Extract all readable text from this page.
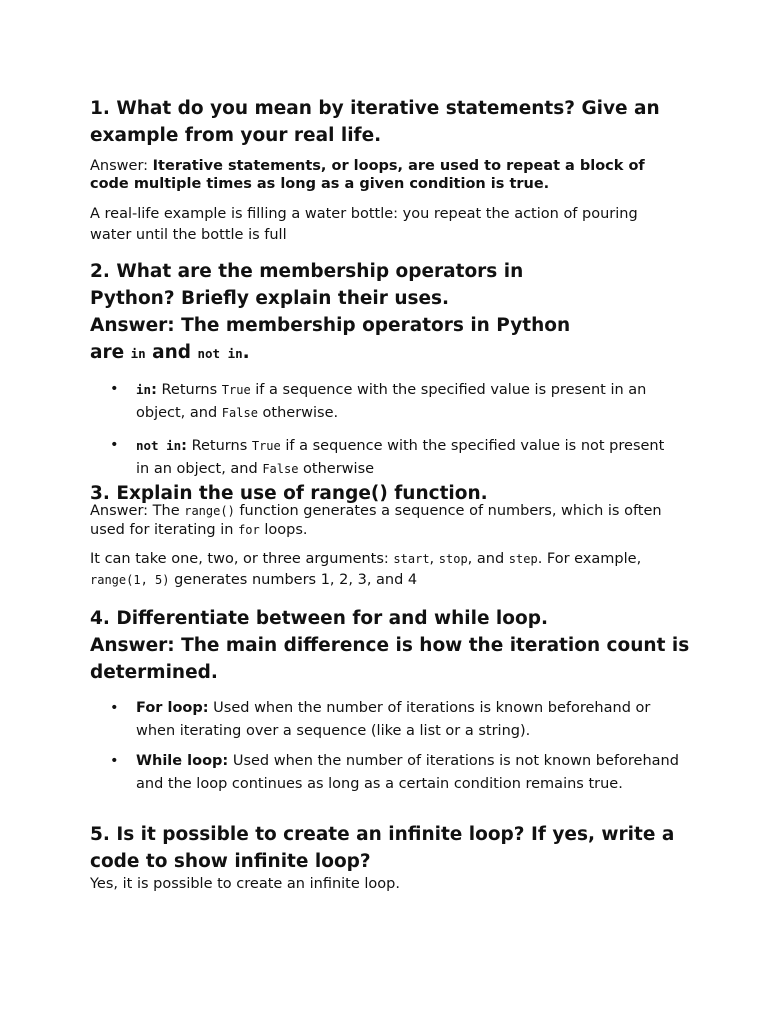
1. What do you mean by iterative statements? Give an example from your real life.

Answer: Iterative statements, or loops, are used to repeat a block of code multiple times as long as a given condition is true.

A real-life example is filling a water bottle: you repeat the action of pouring water until the bottle is full

2. What are the membership operators in

Python? Briefly explain their uses.

Answer: The membership operators in Python

are in and not in.

• in: Returns True if a sequence with the specified value is present in an object, and False otherwise.
• not in: Returns True if a sequence with the specified value is not present in an object, and False otherwise

3. Explain the use of range() function.

Answer: The range() function generates a sequence of numbers, which is often used for iterating in for loops.

It can take one, two, or three arguments: start, stop, and step. For example, range(1, 5) generates numbers 1, 2, 3, and 4

4. Differentiate between for and while loop.

Answer: The main difference is how the iteration count is determined.

• For loop: Used when the number of iterations is known beforehand or when iterating over a sequence (like a list or a string).
• While loop: Used when the number of iterations is not known beforehand and the loop continues as long as a certain condition remains true.

5. Is it possible to create an infinite loop? If yes, write a code to show infinite loop?

Yes, it is possible to create an infinite loop.
